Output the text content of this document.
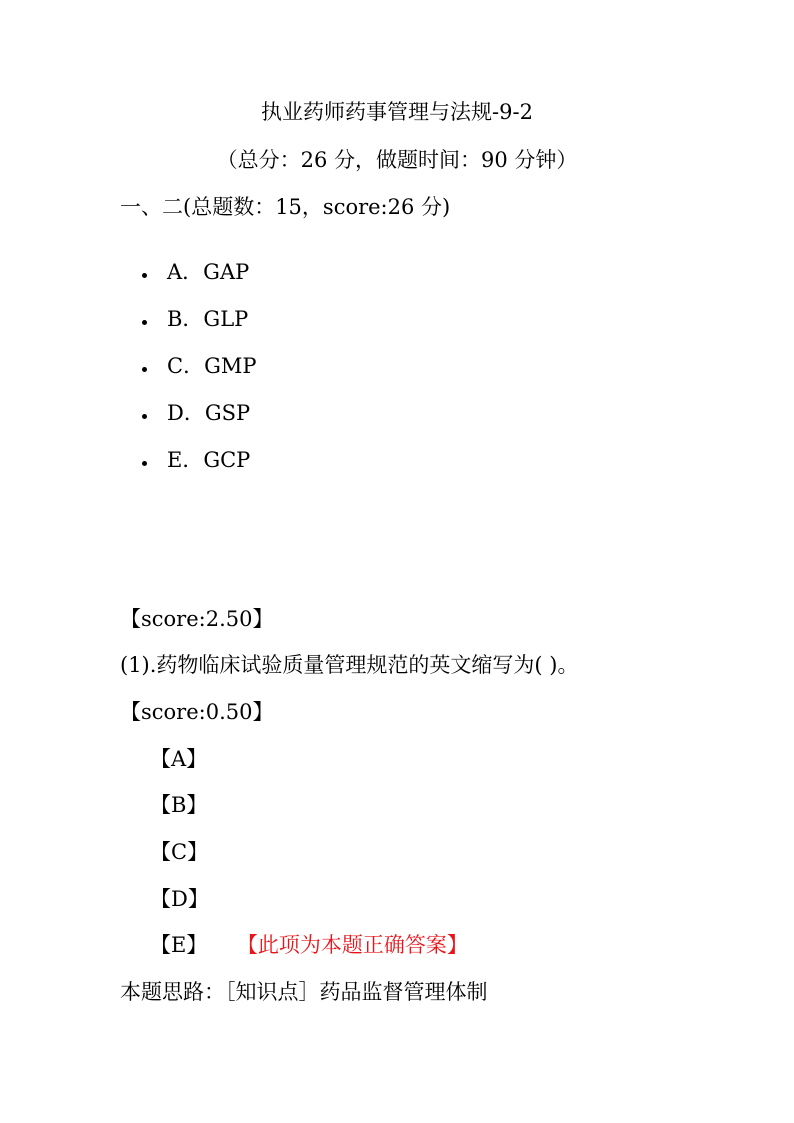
执业药师药事管理与法规-9-2
（总分：26 分，做题时间：90 分钟）
一、二(总题数：15，score:26 分)
A．GAP
B．GLP
C．GMP
D．GSP
E．GCP
【score:2.50】
(1).药物临床试验质量管理规范的英文缩写为( )。
【score:0.50】
【A】
【B】
【C】
【D】
【E】 【此项为本题正确答案】
本题思路：［知识点］药品监督管理体制
